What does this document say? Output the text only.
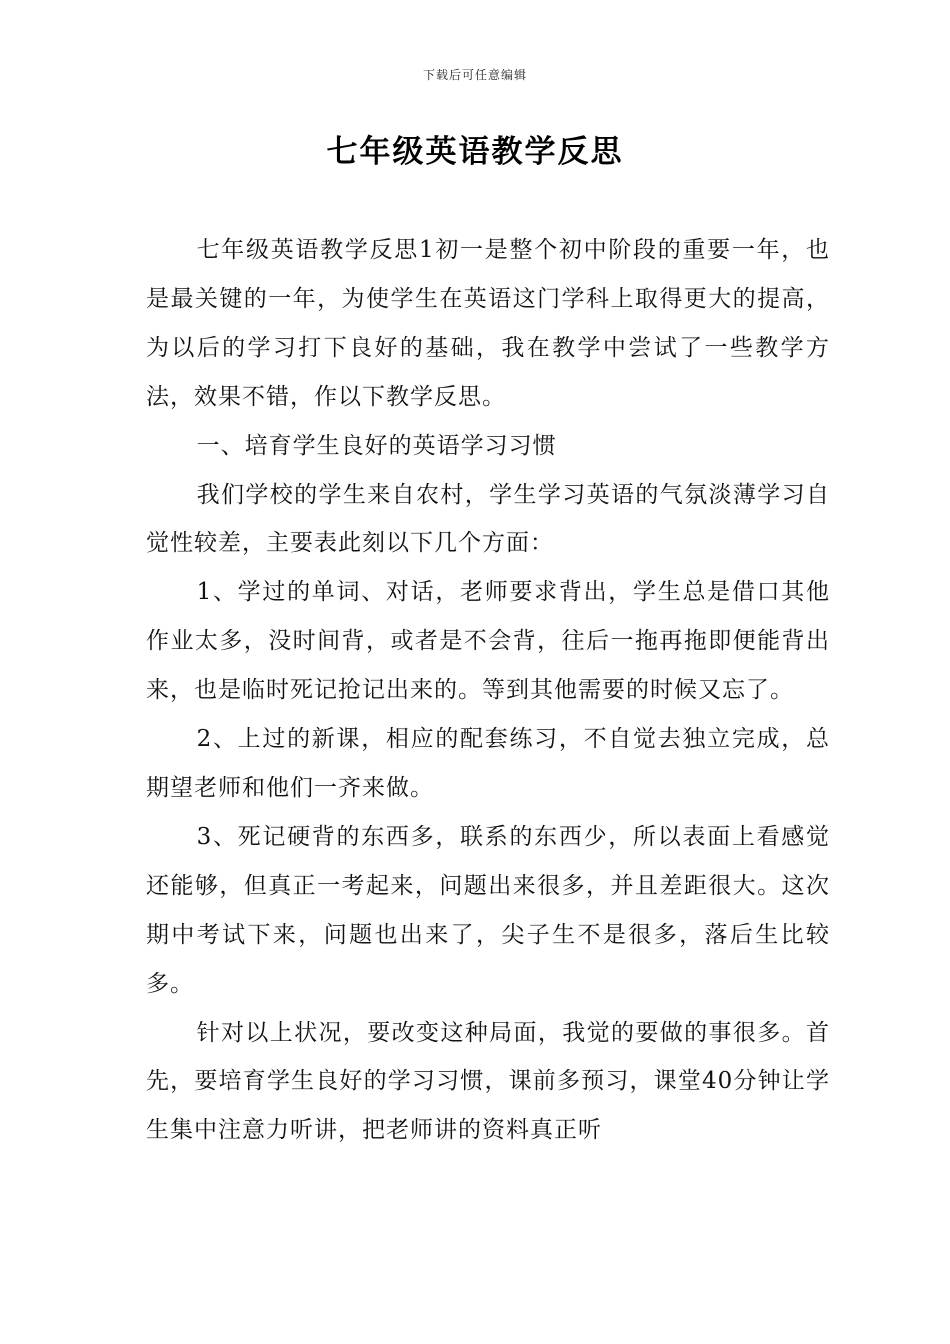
下载后可任意编辑
七年级英语教学反思

七年级英语教学反思1初一是整个初中阶段的重要一年，也是最关键的一年，为使学生在英语这门学科上取得更大的提高，为以后的学习打下良好的基础，我在教学中尝试了一些教学方法，效果不错，作以下教学反思。

一、培育学生良好的英语学习习惯

我们学校的学生来自农村，学生学习英语的气氛淡薄学习自觉性较差，主要表此刻以下几个方面：

1、学过的单词、对话，老师要求背出，学生总是借口其他作业太多，没时间背，或者是不会背，往后一拖再拖即便能背出来，也是临时死记抢记出来的。等到其他需要的时候又忘了。

2、上过的新课，相应的配套练习，不自觉去独立完成，总期望老师和他们一齐来做。

3、死记硬背的东西多，联系的东西少，所以表面上看感觉还能够，但真正一考起来，问题出来很多，并且差距很大。这次期中考试下来，问题也出来了，尖子生不是很多，落后生比较多。

针对以上状况，要改变这种局面，我觉的要做的事很多。首先，要培育学生良好的学习习惯，课前多预习，课堂40分钟让学生集中注意力听讲，把老师讲的资料真正听
